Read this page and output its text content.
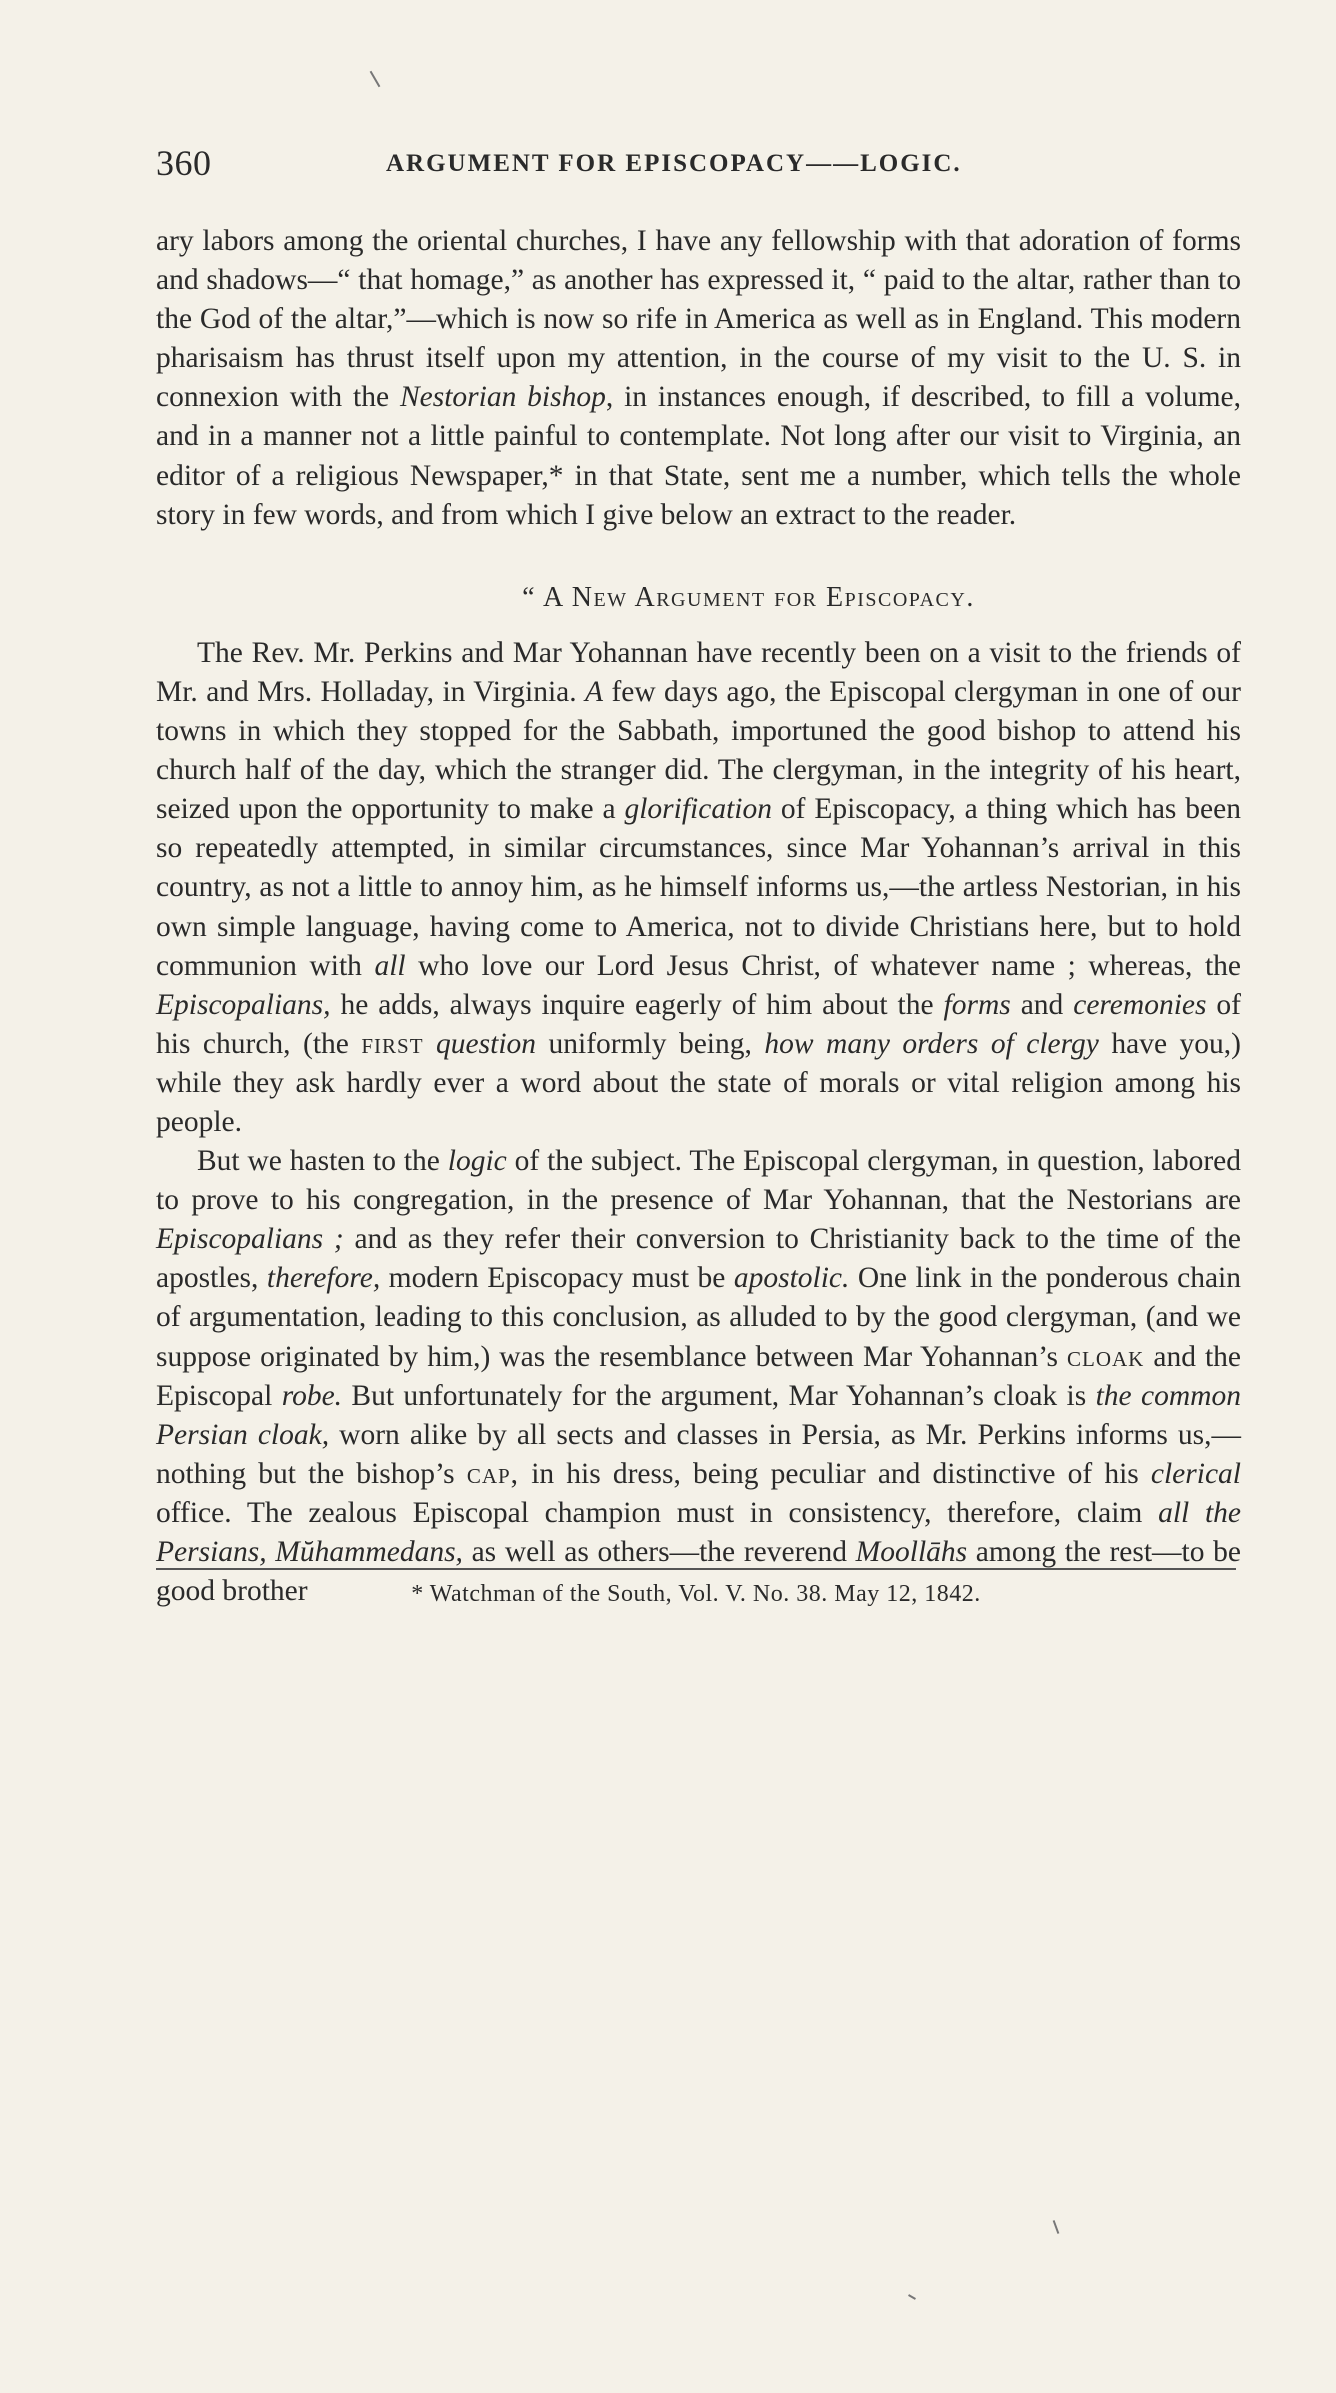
360	ARGUMENT FOR EPISCOPACY——LOGIC.

ary labors among the oriental churches, I have any fellowship with that adoration of forms and shadows—“ that homage,” as another has expressed it, “ paid to the altar, rather than to the God of the altar,”—which is now so rife in America as well as in England. This modern pharisaism has thrust itself upon my attention, in the course of my visit to the U. S. in connexion with the Nestorian bishop, in instances enough, if described, to fill a volume, and in a manner not a little painful to contemplate. Not long after our visit to Virginia, an editor of a religious Newspaper,* in that State, sent me a number, which tells the whole story in few words, and from which I give below an extract to the reader.

“ A New Argument for Episcopacy.

The Rev. Mr. Perkins and Mar Yohannan have recently been on a visit to the friends of Mr. and Mrs. Holladay, in Virginia. A few days ago, the Episcopal clergyman in one of our towns in which they stopped for the Sabbath, importuned the good bishop to attend his church half of the day, which the stranger did. The clergyman, in the integrity of his heart, seized upon the opportunity to make a glorification of Episcopacy, a thing which has been so repeatedly attempted, in similar circumstances, since Mar Yohannan’s arrival in this country, as not a little to annoy him, as he himself informs us,—the artless Nestorian, in his own simple language, having come to America, not to divide Christians here, but to hold communion with all who love our Lord Jesus Christ, of whatever name ; whereas, the Episcopalians, he adds, always inquire eagerly of him about the forms and ceremonies of his church, (the first question uniformly being, how many orders of clergy have you,) while they ask hardly ever a word about the state of morals or vital religion among his people.

But we hasten to the logic of the subject. The Episcopal clergyman, in question, labored to prove to his congregation, in the presence of Mar Yohannan, that the Nestorians are Episcopalians ; and as they refer their conversion to Christianity back to the time of the apostles, therefore, modern Episcopacy must be apostolic. One link in the ponderous chain of argumentation, leading to this conclusion, as alluded to by the good clergyman, (and we suppose originated by him,) was the resemblance between Mar Yohannan’s cloak and the Episcopal robe. But unfortunately for the argument, Mar Yohannan’s cloak is the common Persian cloak, worn alike by all sects and classes in Persia, as Mr. Perkins informs us,—nothing but the bishop’s cap, in his dress, being peculiar and distinctive of his clerical office. The zealous Episcopal champion must in consistency, therefore, claim all the Persians, Mŭhammedans, as well as others—the reverend Moollāhs among the rest—to be good brother	* Watchman of the South, Vol. V. No. 38. May 12, 1842.
